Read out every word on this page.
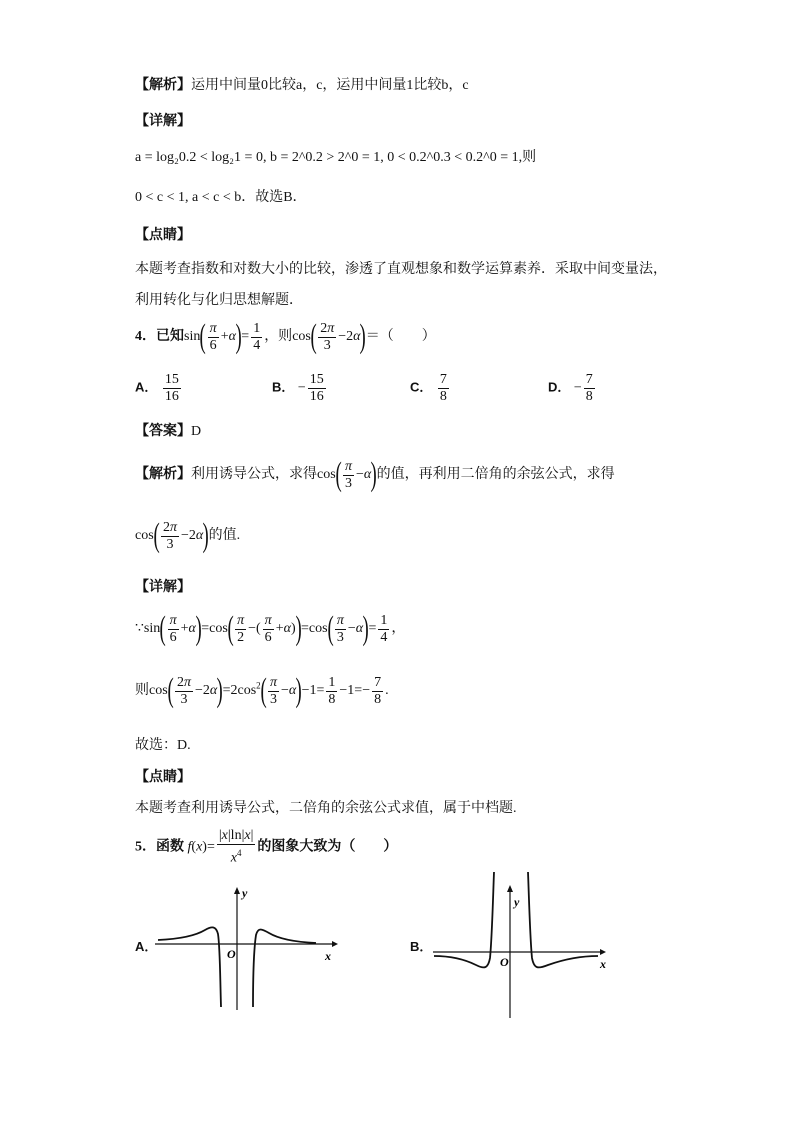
【解析】运用中间量0比较a，c，运用中间量1比较b，c
【详解】
a = log₂0.2 < log₂1 = 0, b = 2^0.2 > 2^0 = 1, 0 < 0.2^0.3 < 0.2^0 = 1,则
0 < c < 1, a < c < b．故选B．
【点睛】
本题考查指数和对数大小的比较，渗透了直观想象和数学运算素养．采取中间变量法，
利用转化与化归思想解题．
4．已知$\sin( \frac{\pi}{6} +\alpha)= \frac{1}{4}$ ，则$\cos( \frac{2\pi}{3} -2\alpha)=$（　　）
A． $\frac{15}{16}$	B． − $\frac{15}{16}$	C． $\frac{7}{8}$	D． − $\frac{7}{8}$
【答案】D
【解析】利用诱导公式，求得$\cos( \frac{\pi}{3} -\alpha)$的值，再利用二倍角的余弦公式，求得
$\cos( \frac{2\pi}{3} -2\alpha)$的值.
【详解】
∵sin( $\frac{\pi}{6} +\alpha)=\cos( \frac{\pi}{2}$ −( $\frac{\pi}{6} +\alpha))=\cos( \frac{\pi}{3} -\alpha)= \frac{1}{4}$ ，
则$\cos( \frac{2\pi}{3} -2\alpha)=2\cos^2( \frac{\pi}{3} -\alpha)-1= \frac{1}{8} -1=- \frac{7}{8}$ .
故选：D.
【点睛】
本题考查利用诱导公式，二倍角的余弦公式求值，属于中档题.
5．函数 $f(x)= \frac{|x|\ln|x|}{x^4}$ 的图象大致为（　　）
A．
y
x
O	B．
y
x
O
